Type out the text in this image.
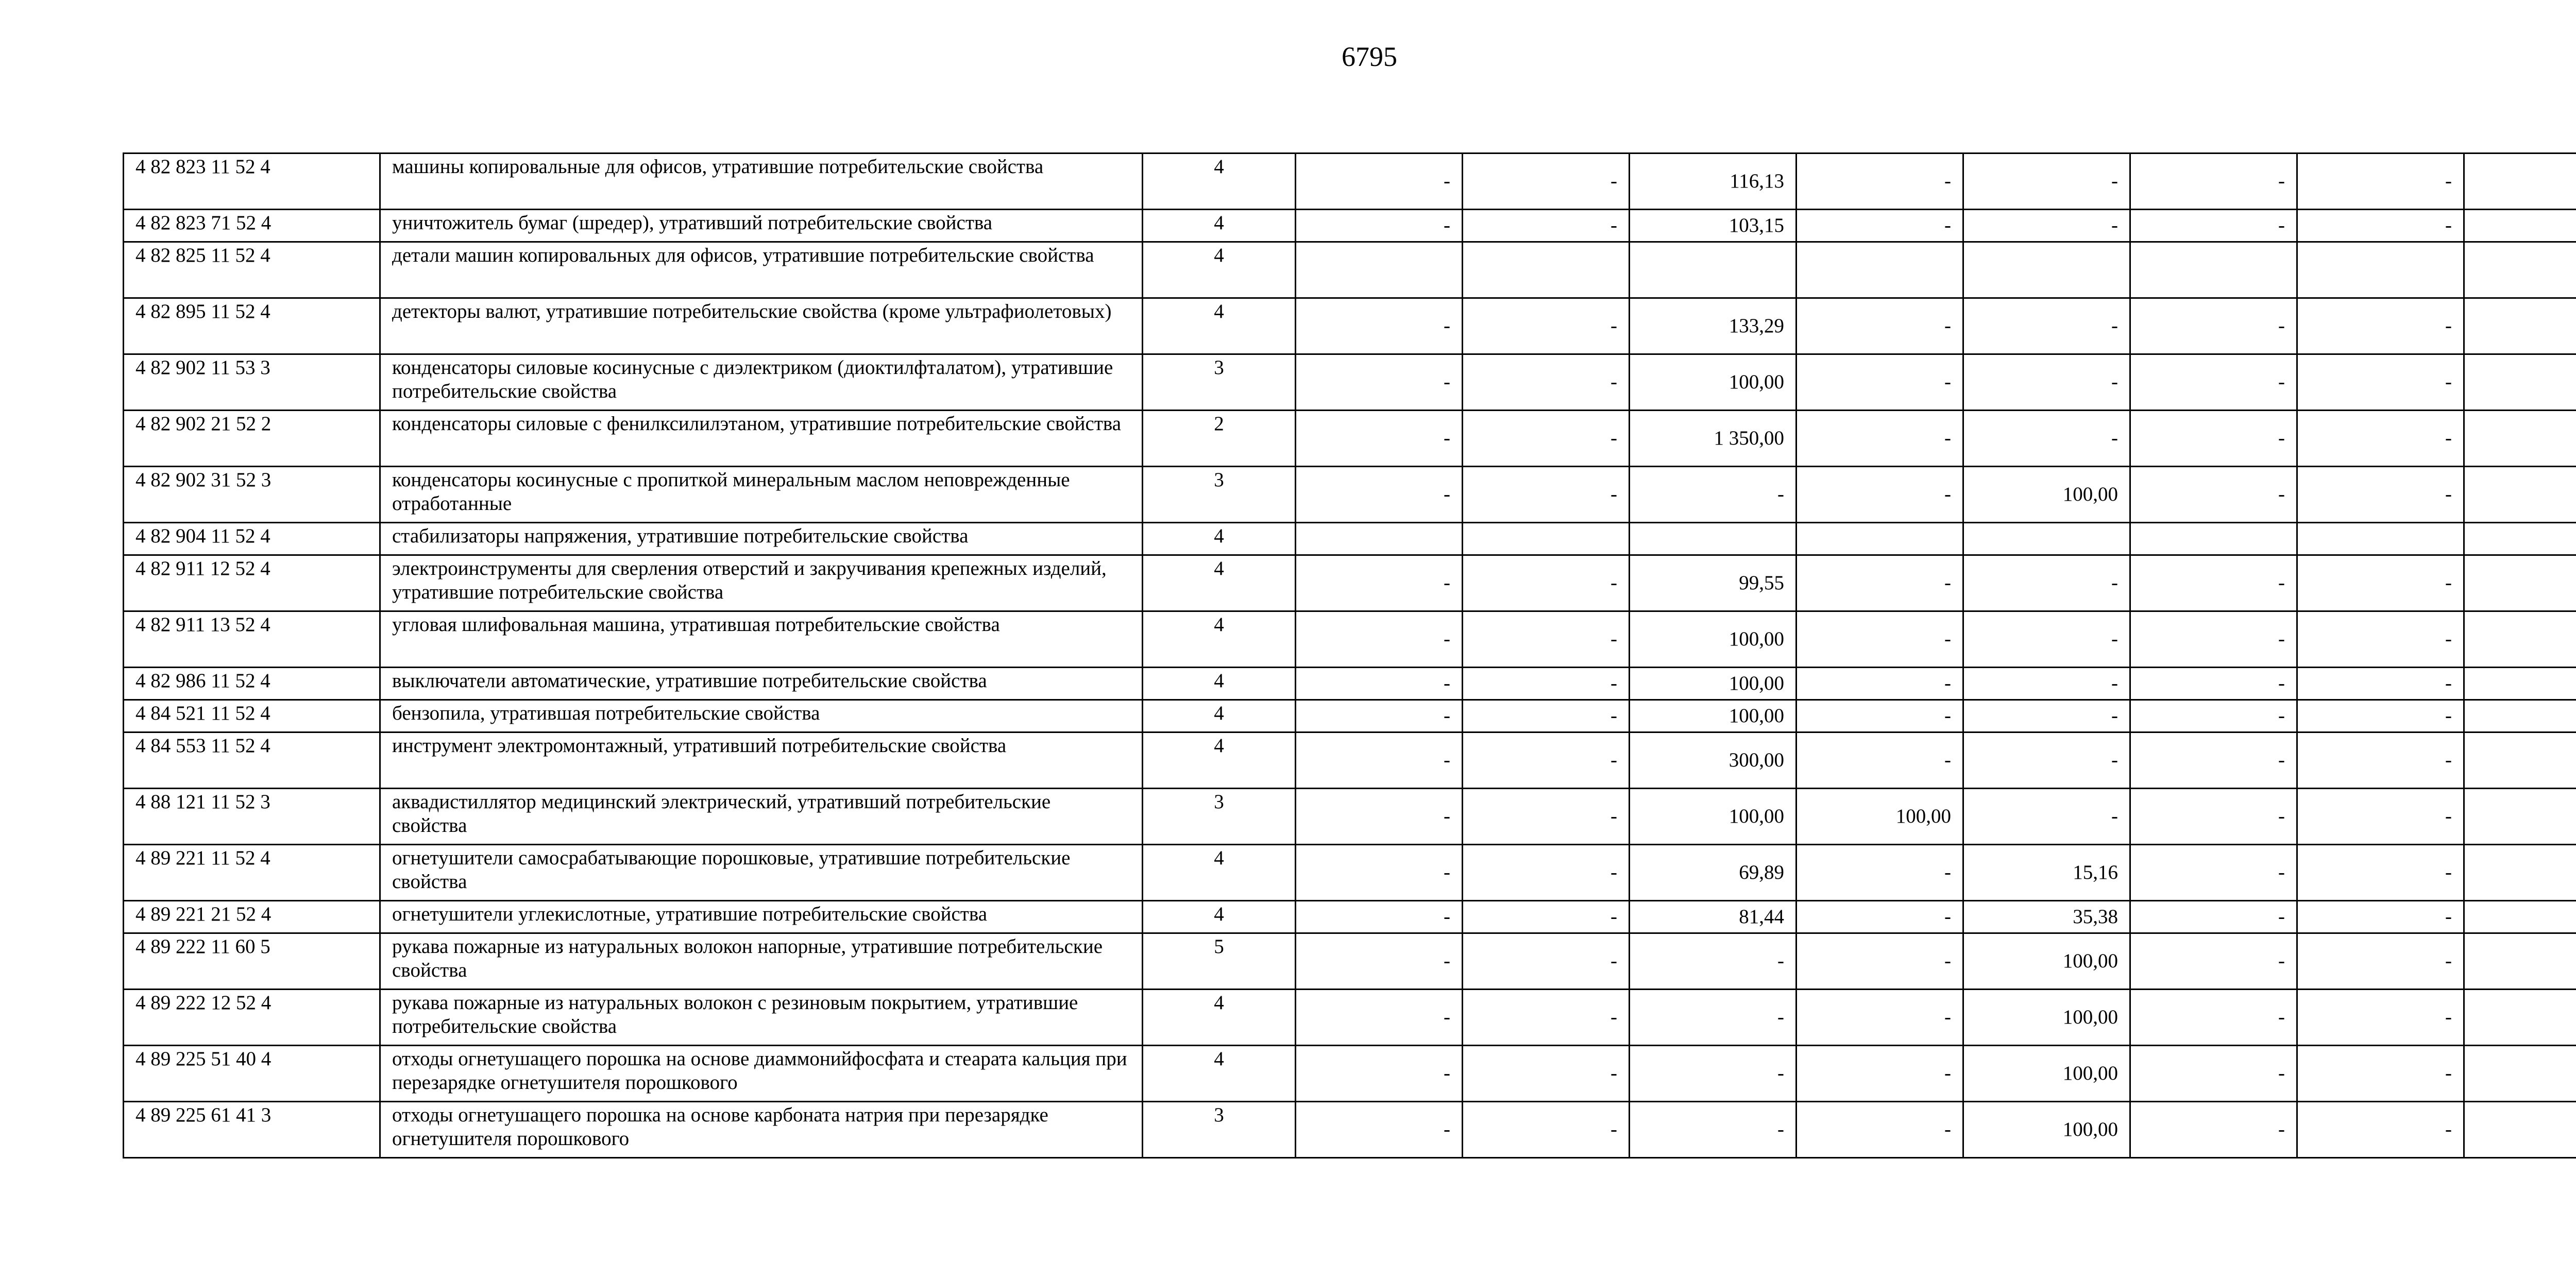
6795
4 82 823 11 52 4	машины копировальные для офисов, утратившие потребительские свойства	4	-	-	116,13	-	-	-	-	
4 82 823 71 52 4	уничтожитель бумаг (шредер), утративший потребительские свойства	4	-	-	103,15	-	-	-	-	
4 82 825 11 52 4	детали машин копировальных для офисов, утратившие потребительские свойства	4								
4 82 895 11 52 4	детекторы валют, утратившие потребительские свойства (кроме ультрафиолетовых)	4	-	-	133,29	-	-	-	-	
4 82 902 11 53 3	конденсаторы силовые косинусные с диэлектриком (диоктилфталатом), утратившие потребительские свойства	3	-	-	100,00	-	-	-	-	
4 82 902 21 52 2	конденсаторы силовые с фенилксилилэтаном, утратившие потребительские свойства	2	-	-	1 350,00	-	-	-	-	
4 82 902 31 52 3	конденсаторы косинусные с пропиткой минеральным маслом неповрежденные отработанные	3	-	-	-	-	100,00	-	-	
4 82 904 11 52 4	стабилизаторы напряжения, утратившие потребительские свойства	4								
4 82 911 12 52 4	электроинструменты для сверления отверстий и закручивания крепежных изделий, утратившие потребительские свойства	4	-	-	99,55	-	-	-	-	
4 82 911 13 52 4	угловая шлифовальная машина, утратившая потребительские свойства	4	-	-	100,00	-	-	-	-	
4 82 986 11 52 4	выключатели автоматические, утратившие потребительские свойства	4	-	-	100,00	-	-	-	-	
4 84 521 11 52 4	бензопила, утратившая потребительские свойства	4	-	-	100,00	-	-	-	-	
4 84 553 11 52 4	инструмент электромонтажный, утративший потребительские свойства	4	-	-	300,00	-	-	-	-	
4 88 121 11 52 3	аквадистиллятор медицинский электрический, утративший потребительские свойства	3	-	-	100,00	100,00	-	-	-	
4 89 221 11 52 4	огнетушители самосрабатывающие порошковые, утратившие потребительские свойства	4	-	-	69,89	-	15,16	-	-	
4 89 221 21 52 4	огнетушители углекислотные, утратившие потребительские свойства	4	-	-	81,44	-	35,38	-	-	
4 89 222 11 60 5	рукава пожарные из натуральных волокон напорные, утратившие потребительские свойства	5	-	-	-	-	100,00	-	-	
4 89 222 12 52 4	рукава пожарные из натуральных волокон с резиновым покрытием, утратившие потребительские свойства	4	-	-	-	-	100,00	-	-	
4 89 225 51 40 4	отходы огнетушащего порошка на основе диаммонийфосфата и стеарата кальция при перезарядке огнетушителя порошкового	4	-	-	-	-	100,00	-	-	
4 89 225 61 41 3	отходы огнетушащего порошка на основе карбоната натрия при перезарядке огнетушителя порошкового	3	-	-	-	-	100,00	-	-	
